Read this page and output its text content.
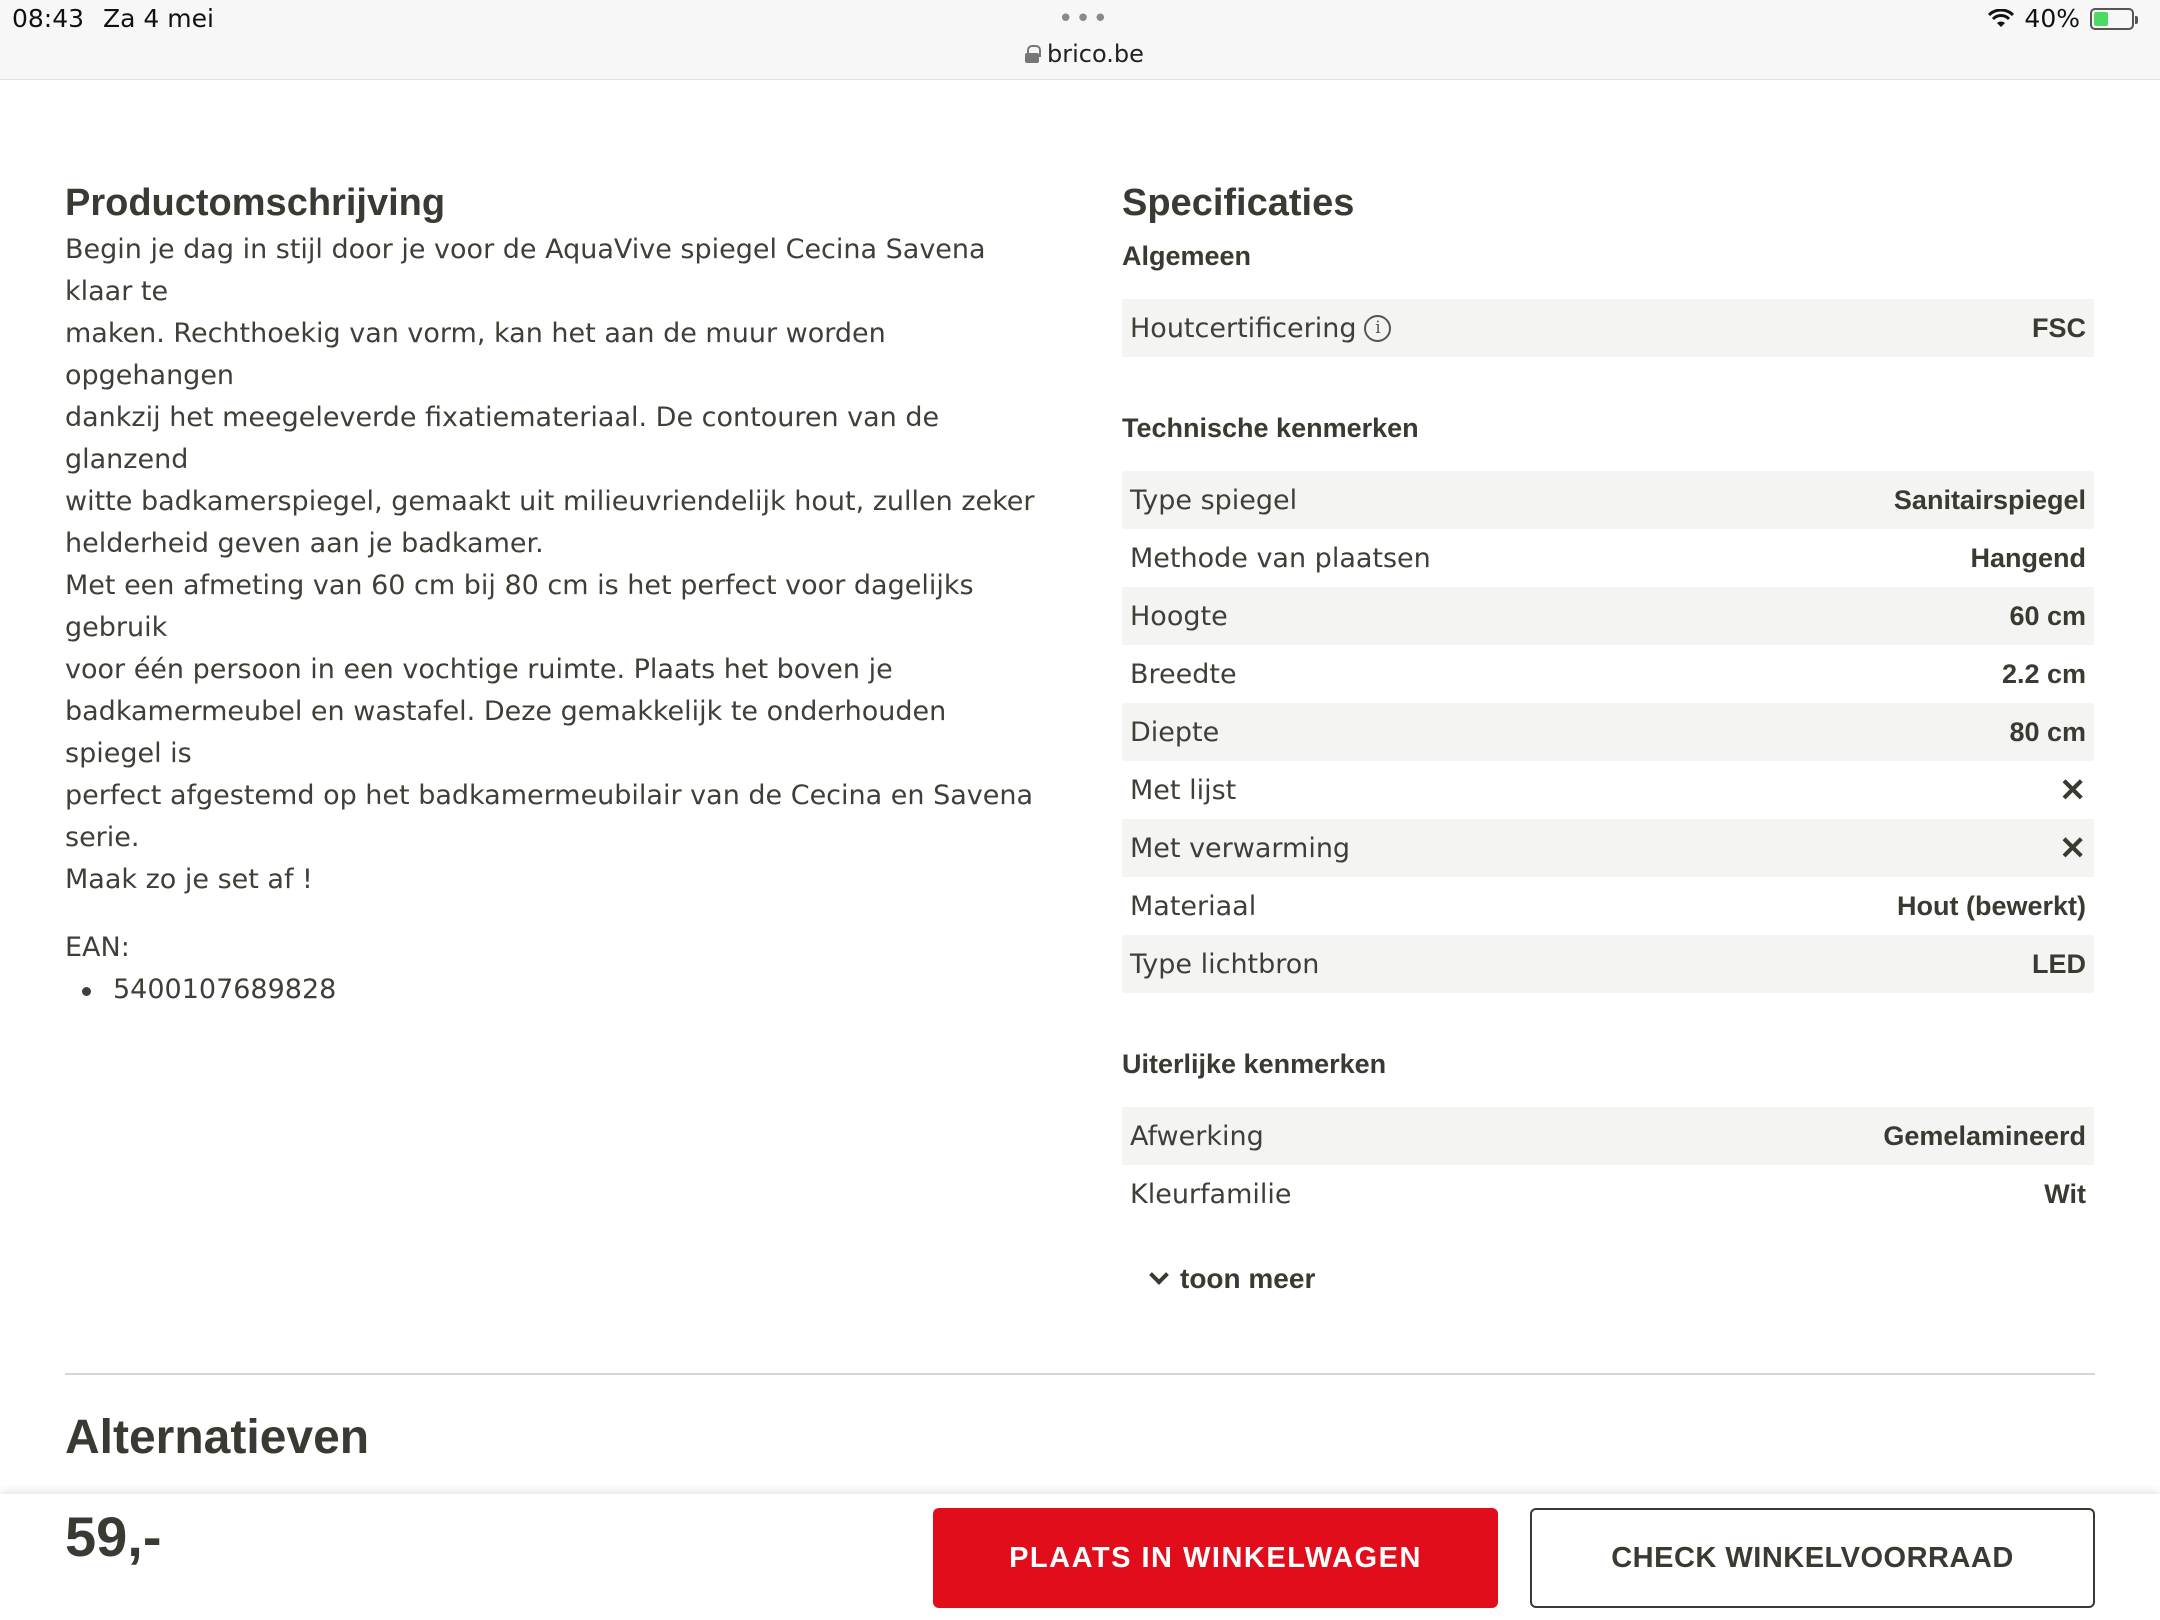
08:43 Za 4 mei	•••
brico.be
40%
Productomschrijving
Begin je dag in stijl door je voor de AquaVive spiegel Cecina Savena klaar te
maken. Rechthoekig van vorm, kan het aan de muur worden opgehangen
dankzij het meegeleverde fixatiemateriaal. De contouren van de glanzend
witte badkamerspiegel, gemaakt uit milieuvriendelijk hout, zullen zeker
helderheid geven aan je badkamer.
Met een afmeting van 60 cm bij 80 cm is het perfect voor dagelijks gebruik
voor één persoon in een vochtige ruimte. Plaats het boven je
badkamermeubel en wastafel. Deze gemakkelijk te onderhouden spiegel is
perfect afgestemd op het badkamermeubilair van de Cecina en Savena serie.
Maak zo je set af !
EAN:
5400107689828
Specificaties
Algemeen
Houtcertificering	i	FSC
Technische kenmerken
Type spiegel	Sanitairspiegel
Methode van plaatsen	Hangend
Hoogte	60 cm
Breedte	2.2 cm
Diepte	80 cm
Met lijst	✕
Met verwarming	✕
Materiaal	Hout (bewerkt)
Type lichtbron	LED
Uiterlijke kenmerken
Afwerking	Gemelamineerd
Kleurfamilie	Wit
toon meer
Alternatieven
59,-	PLAATS IN WINKELWAGEN	CHECK WINKELVOORRAAD
